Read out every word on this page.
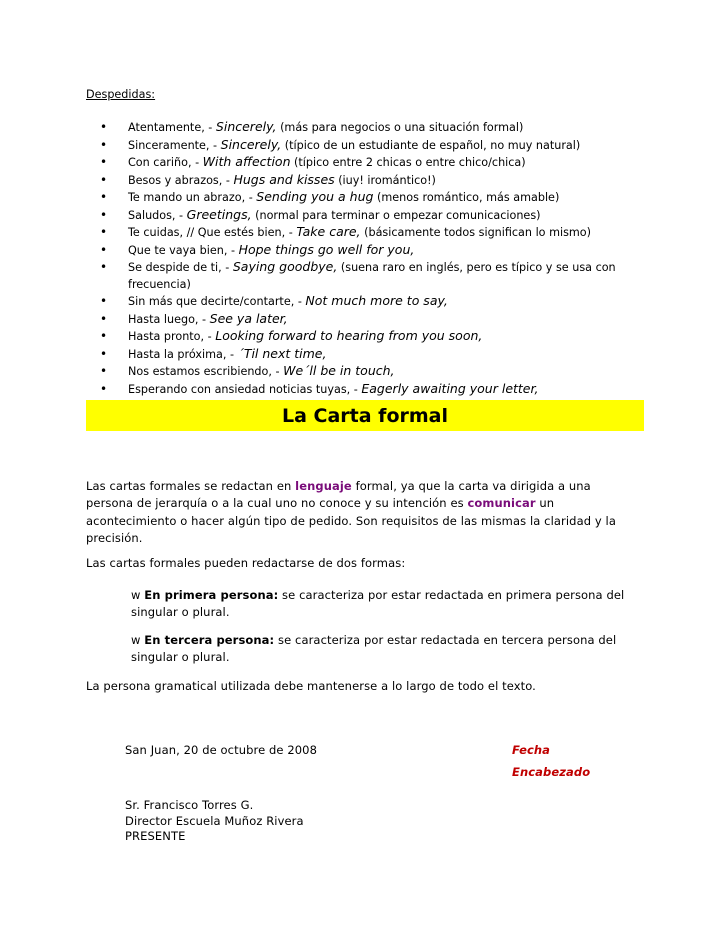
Despedidas:
• Atentamente, - Sincerely, (más para negocios o una situación formal)
• Sinceramente, - Sincerely, (típico de un estudiante de español, no muy natural)
• Con cariño, - With affection (típico entre 2 chicas o entre chico/chica)
• Besos y abrazos, - Hugs and kisses (iuy! iromántico!)
• Te mando un abrazo, - Sending you a hug (menos romántico, más amable)
• Saludos, - Greetings, (normal para terminar o empezar comunicaciones)
• Te cuidas, // Que estés bien, - Take care, (básicamente todos significan lo mismo)
• Que te vaya bien, - Hope things go well for you,
• Se despide de ti, - Saying goodbye, (suena raro en inglés, pero es típico y se usa con frecuencia)
• Sin más que decirte/contarte, - Not much more to say,
• Hasta luego, - See ya later,
• Hasta pronto, - Looking forward to hearing from you soon,
• Hasta la próxima, - ´Til next time,
• Nos estamos escribiendo, - We´ll be in touch,
• Esperando con ansiedad noticias tuyas, - Eagerly awaiting your letter,
La Carta formal

Las cartas formales se redactan en lenguaje formal, ya que la carta va dirigida a una persona de jerarquía o a la cual uno no conoce y su intención es comunicar un acontecimiento o hacer algún tipo de pedido. Son requisitos de las mismas la claridad y la precisión.

Las cartas formales pueden redactarse de dos formas:

w En primera persona: se caracteriza por estar redactada en primera persona del singular o plural.

w En tercera persona: se caracteriza por estar redactada en tercera persona del singular o plural.

La persona gramatical utilizada debe mantenerse a lo largo de todo el texto.

San Juan, 20 de octubre de 2008	Fecha
Encabezado
Sr. Francisco Torres G.
Director Escuela Muñoz Rivera
PRESENTE
